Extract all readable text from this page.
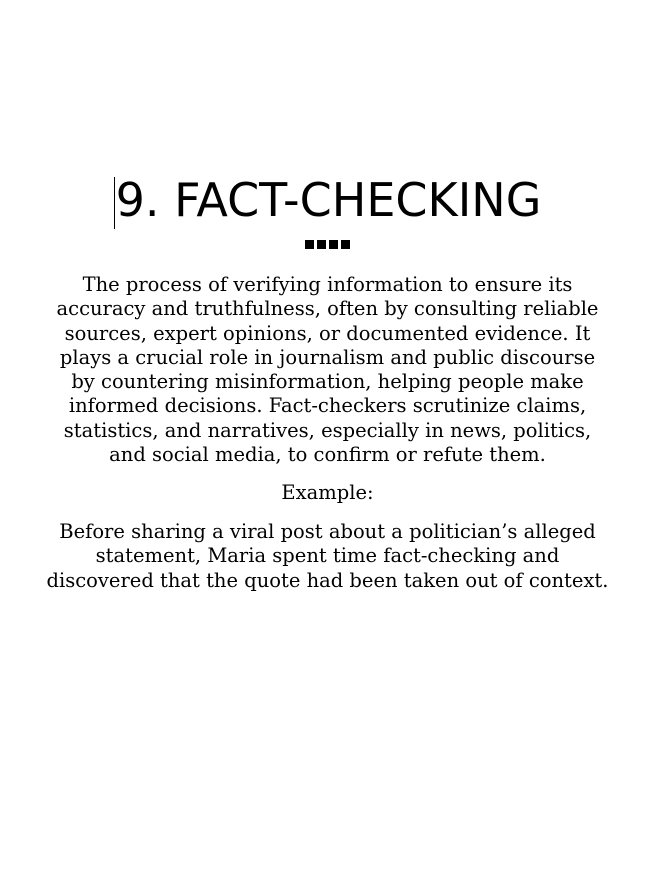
9. FACT-CHECKING

The process of verifying information to ensure its accuracy and truthfulness, often by consulting reliable sources, expert opinions, or documented evidence. It plays a crucial role in journalism and public discourse by countering misinformation, helping people make informed decisions. Fact-checkers scrutinize claims, statistics, and narratives, especially in news, politics, and social media, to confirm or refute them.

Example:

Before sharing a viral post about a politician’s alleged statement, Maria spent time fact-checking and discovered that the quote had been taken out of context.
